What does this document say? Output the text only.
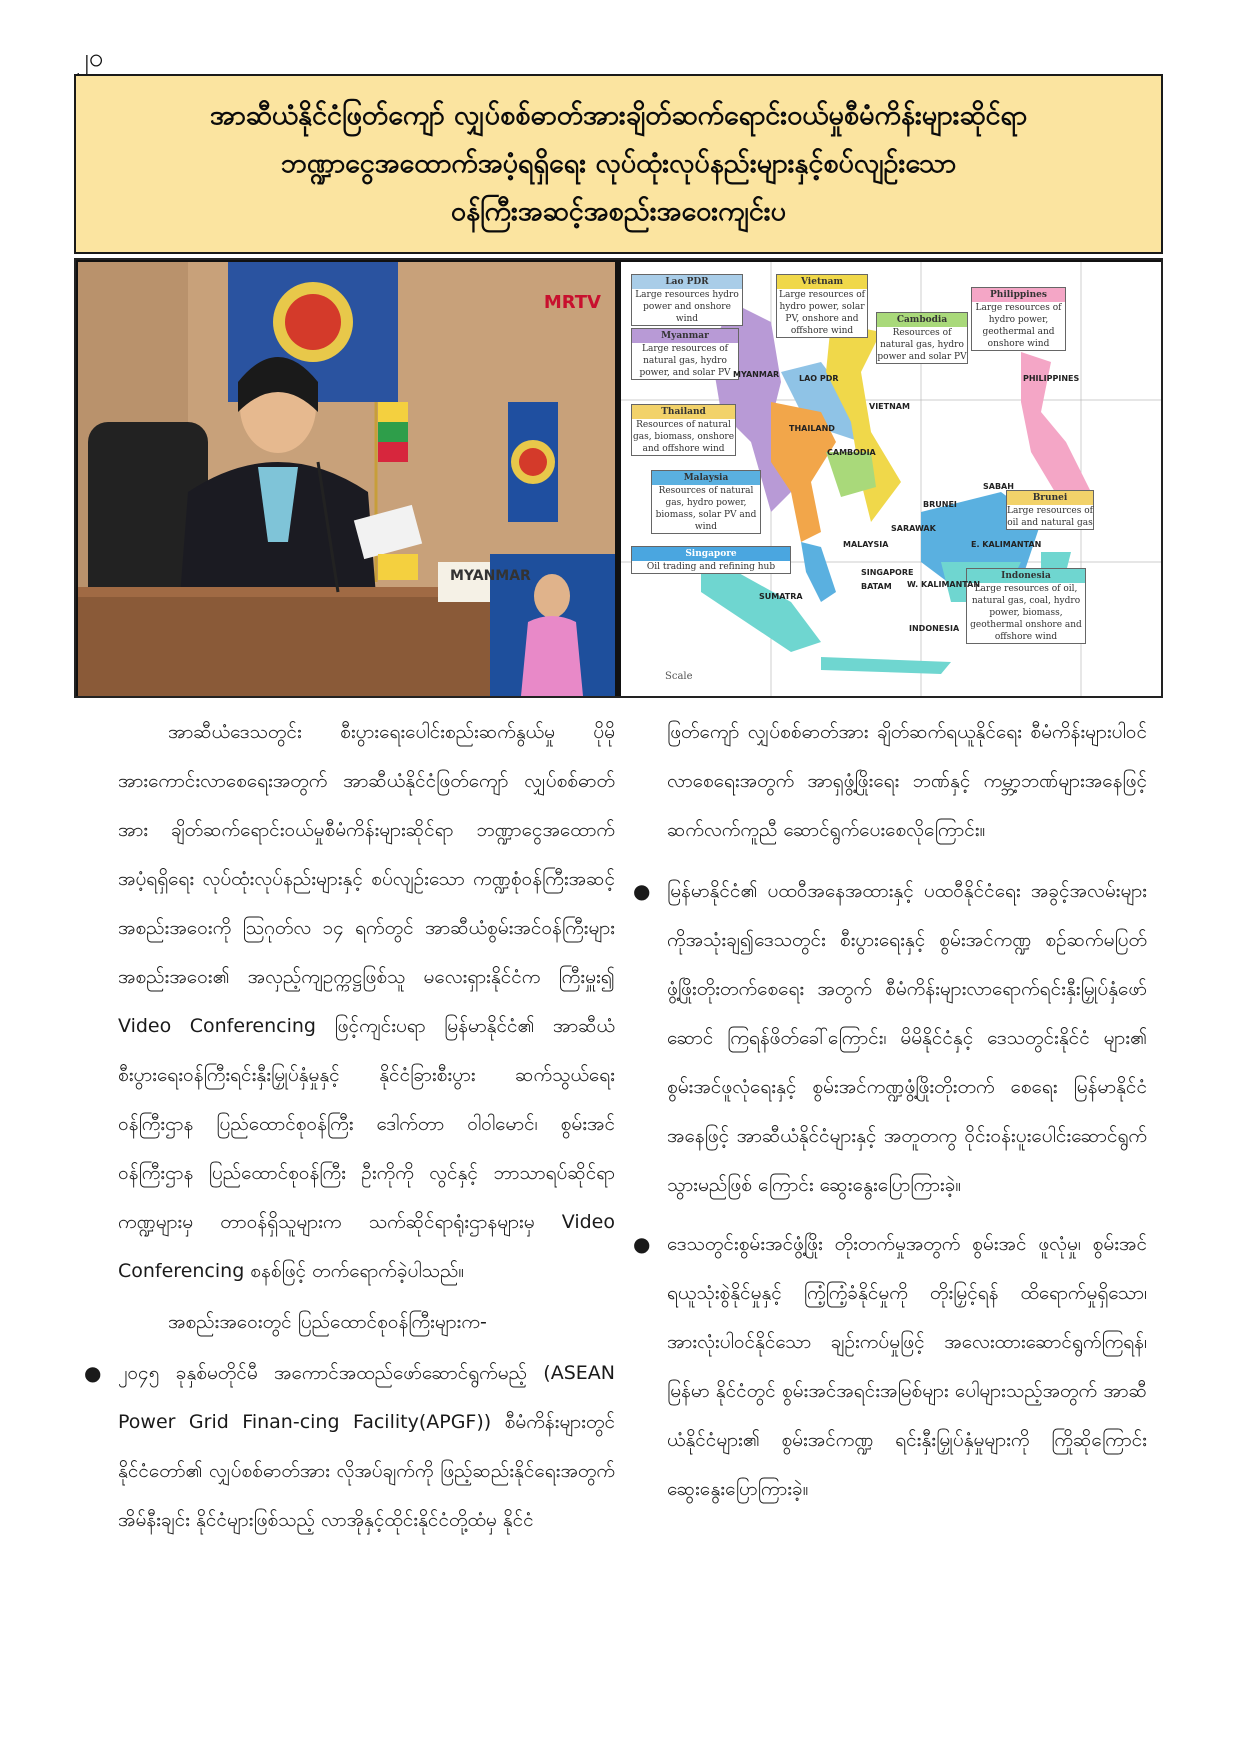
၂၀
အာဆီယံနိုင်ငံဖြတ်ကျော် လျှပ်စစ်ဓာတ်အားချိတ်ဆက်ရောင်းဝယ်မှုစီမံကိန်းများဆိုင်ရာ
ဘဏ္ဍာငွေအထောက်အပံ့ရရှိရေး လုပ်ထုံးလုပ်နည်းများနှင့်စပ်လျဉ်းသော
ဝန်ကြီးအဆင့်အစည်းအဝေးကျင်းပ
MRTV
MYANMAR
Lao PDR
Large resources hydro power and onshore wind
Vietnam
Large resources of hydro power, solar PV, onshore and offshore wind
Cambodia
Resources of natural gas, hydro power and solar PV
Philippines
Large resources of hydro power, geothermal and onshore wind
Myanmar
Large resources of natural gas, hydro power, and solar PV
Thailand
Resources of natural gas, biomass, onshore and offshore wind
Malaysia
Resources of natural gas, hydro power, biomass, solar PV and wind
Singapore
Oil trading and refining hub
Brunei
Large resources of oil and natural gas
Indonesia
Large resources of oil, natural gas, coal, hydro power, biomass, geothermal onshore and offshore wind
MYANMAR LAO PDR
VIETNAM
THAILAND
CAMBODIA
PHILIPPINES
BRUNEI
SABAH
SARAWAK
MALAYSIA	E. KALIMANTAN
SINGAPORE
BATAM W. KALIMANTAN
SUMATRA
INDONESIA
Scale

အာဆီယံဒေသတွင်း စီးပွားရေးပေါင်းစည်းဆက်နွယ်မှု ပိုမိုအားကောင်းလာစေရေးအတွက် အာဆီယံနိုင်ငံဖြတ်ကျော် လျှပ်စစ်ဓာတ်အား ချိတ်ဆက်ရောင်းဝယ်မှုစီမံကိန်းများဆိုင်ရာ ဘဏ္ဍာငွေအထောက်အပံ့ရရှိရေး လုပ်ထုံးလုပ်နည်းများနှင့် စပ်လျဉ်းသော ကဏ္ဍစုံဝန်ကြီးအဆင့်အစည်းအဝေးကို ဩဂုတ်လ ၁၄ ရက်တွင် အာဆီယံစွမ်းအင်ဝန်ကြီးများ အစည်းအဝေး၏ အလှည့်ကျဥက္ကဋ္ဌဖြစ်သူ မလေးရှားနိုင်ငံက ကြီးမှူး၍ Video Conferencing ဖြင့်ကျင်းပရာ မြန်မာနိုင်ငံ၏ အာဆီယံစီးပွားရေးဝန်ကြီးရင်းနှီးမြှုပ်နှံမှုနှင့် နိုင်ငံခြားစီးပွား ဆက်သွယ်ရေးဝန်ကြီးဌာန ပြည်ထောင်စုဝန်ကြီး ဒေါက်တာ ဝါဝါမောင်၊ စွမ်းအင်ဝန်ကြီးဌာန ပြည်ထောင်စုဝန်ကြီး ဦးကိုကို လွင်နှင့် ဘာသာရပ်ဆိုင်ရာကဏ္ဍများမှ တာဝန်ရှိသူများက သက်ဆိုင်ရာရုံးဌာနများမှ Video Conferencing စနစ်ဖြင့် တက်ရောက်ခဲ့ပါသည်။

အစည်းအဝေးတွင် ပြည်ထောင်စုဝန်ကြီးများက-

● ၂၀၄၅ ခုနှစ်မတိုင်မီ အကောင်အထည်ဖော်ဆောင်ရွက်မည့် (ASEAN Power Grid Finan-cing Facility(APGF)) စီမံကိန်းများတွင် နိုင်ငံတော်၏ လျှပ်စစ်ဓာတ်အား လိုအပ်ချက်ကို ဖြည့်ဆည်းနိုင်ရေးအတွက် အိမ်နီးချင်း နိုင်ငံများဖြစ်သည့် လာအိုနှင့်ထိုင်းနိုင်ငံတို့ထံမှ နိုင်ငံ

ဖြတ်ကျော် လျှပ်စစ်ဓာတ်အား ချိတ်ဆက်ရယူနိုင်ရေး စီမံကိန်းများပါဝင်လာစေရေးအတွက် အာရှဖွံ့ဖြိုးရေး ဘဏ်နှင့် ကမ္ဘာ့ဘဏ်များအနေဖြင့် ဆက်လက်ကူညီ ဆောင်ရွက်ပေးစေလိုကြောင်း။

● မြန်မာနိုင်ငံ၏ ပထဝီအနေအထားနှင့် ပထဝီနိုင်ငံရေး အခွင့်အလမ်းများကိုအသုံးချ၍ဒေသတွင်း စီးပွားရေးနှင့် စွမ်းအင်ကဏ္ဍ စဉ်ဆက်မပြတ်ဖွံ့ဖြိုးတိုးတက်စေရေး အတွက် စီမံကိန်းများလာရောက်ရင်းနှီးမြှုပ်နှံဖော်ဆောင် ကြရန်ဖိတ်ခေါ်ကြောင်း၊ မိမိနိုင်ငံနှင့် ဒေသတွင်းနိုင်ငံ များ၏ စွမ်းအင်ဖူလုံရေးနှင့် စွမ်းအင်ကဏ္ဍဖွံ့ဖြိုးတိုးတက် စေရေး မြန်မာနိုင်ငံအနေဖြင့် အာဆီယံနိုင်ငံများနှင့် အတူတကွ ဝိုင်းဝန်းပူးပေါင်းဆောင်ရွက်သွားမည်ဖြစ် ကြောင်း ဆွေးနွေးပြောကြားခဲ့။
● ဒေသတွင်းစွမ်းအင်ဖွံ့ဖြိုး တိုးတက်မှုအတွက် စွမ်းအင် ဖူလုံမှု၊ စွမ်းအင်ရယူသုံးစွဲနိုင်မှုနှင့် ကြံ့ကြံ့ခံနိုင်မှုကို တိုးမြှင့်ရန် ထိရောက်မှုရှိသော၊ အားလုံးပါဝင်နိုင်သော ချဉ်းကပ်မှုဖြင့် အလေးထားဆောင်ရွက်ကြရန်၊ မြန်မာ နိုင်ငံတွင် စွမ်းအင်အရင်းအမြစ်များ ပေါများသည့်အတွက် အာဆီယံနိုင်ငံများ၏ စွမ်းအင်ကဏ္ဍ ရင်းနှီးမြှုပ်နှံမှုများကို ကြိုဆိုကြောင်း ဆွေးနွေးပြောကြားခဲ့။
